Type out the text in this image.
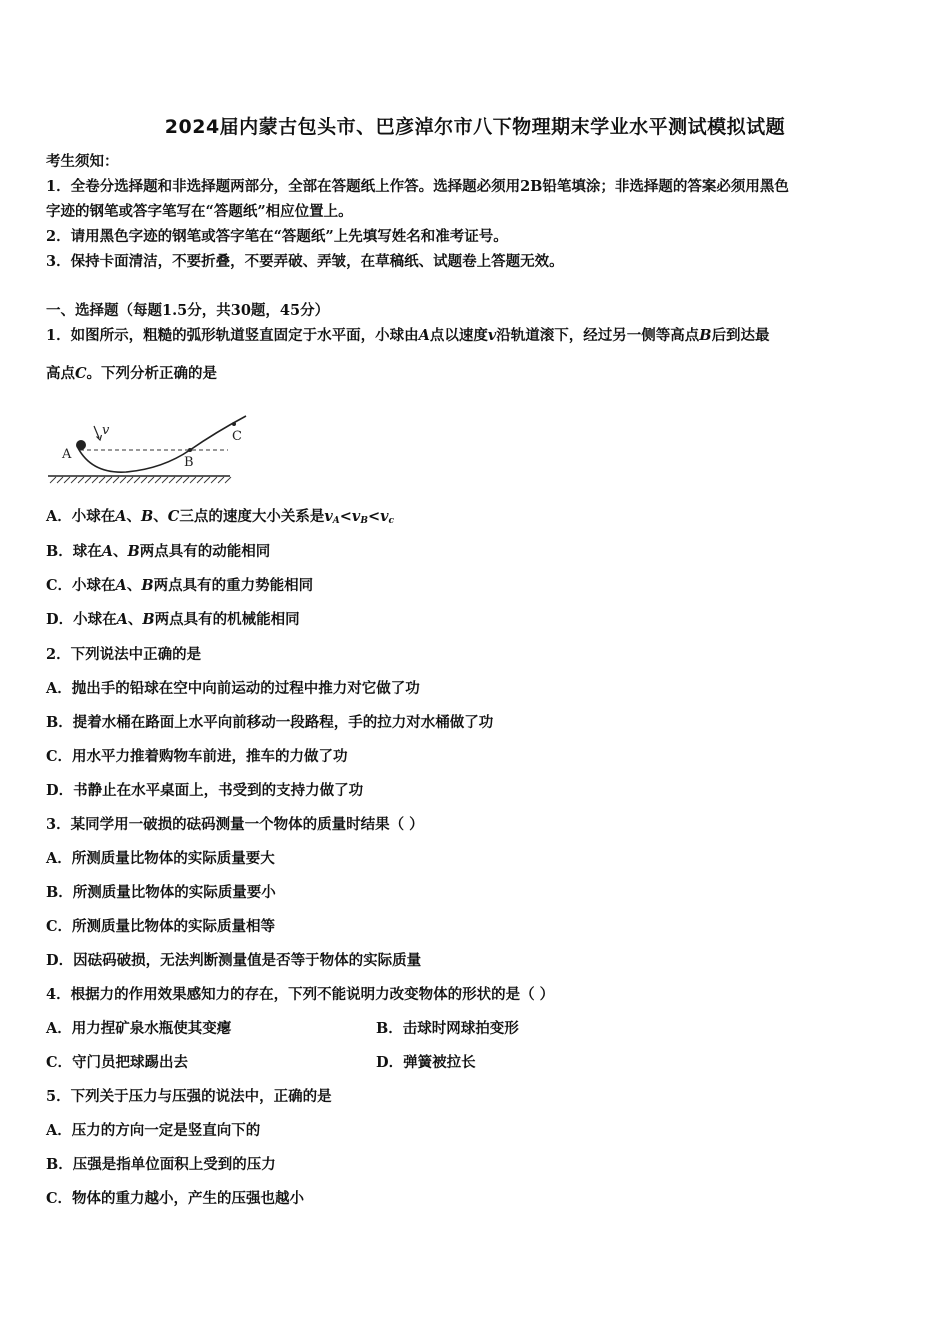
2024届内蒙古包头市、巴彦淖尔市八下物理期末学业水平测试模拟试题
考生须知：
1．全卷分选择题和非选择题两部分，全部在答题纸上作答。选择题必须用2B铅笔填涂；非选择题的答案必须用黑色
字迹的钢笔或答字笔写在“答题纸”相应位置上。
2．请用黑色字迹的钢笔或答字笔在“答题纸”上先填写姓名和准考证号。
3．保持卡面清洁，不要折叠，不要弄破、弄皱，在草稿纸、试题卷上答题无效。
一、选择题（每题1.5分，共30题，45分）
1．如图所示，粗糙的弧形轨道竖直固定于水平面，小球由A点以速度v沿轨道滚下，经过另一侧等高点B后到达最
高点C。下列分析正确的是
A
B
C
v
A．小球在A、B、C三点的速度大小关系是$v_A<v_B<v_c$
B．球在A、B两点具有的动能相同
C．小球在A、B两点具有的重力势能相同
D．小球在A、B两点具有的机械能相同
2．下列说法中正确的是
A．抛出手的铅球在空中向前运动的过程中推力对它做了功
B．提着水桶在路面上水平向前移动一段路程，手的拉力对水桶做了功
C．用水平力推着购物车前进，推车的力做了功
D．书静止在水平桌面上，书受到的支持力做了功
3．某同学用一破损的砝码测量一个物体的质量时结果（ ）
A．所测质量比物体的实际质量要大
B．所测质量比物体的实际质量要小
C．所测质量比物体的实际质量相等
D．因砝码破损，无法判断测量值是否等于物体的实际质量
4．根据力的作用效果感知力的存在，下列不能说明力改变物体的形状的是（ ）
A．用力捏矿泉水瓶使其变瘪	B．击球时网球拍变形
C．守门员把球踢出去	D．弹簧被拉长
5．下列关于压力与压强的说法中，正确的是
A．压力的方向一定是竖直向下的
B．压强是指单位面积上受到的压力
C．物体的重力越小，产生的压强也越小
